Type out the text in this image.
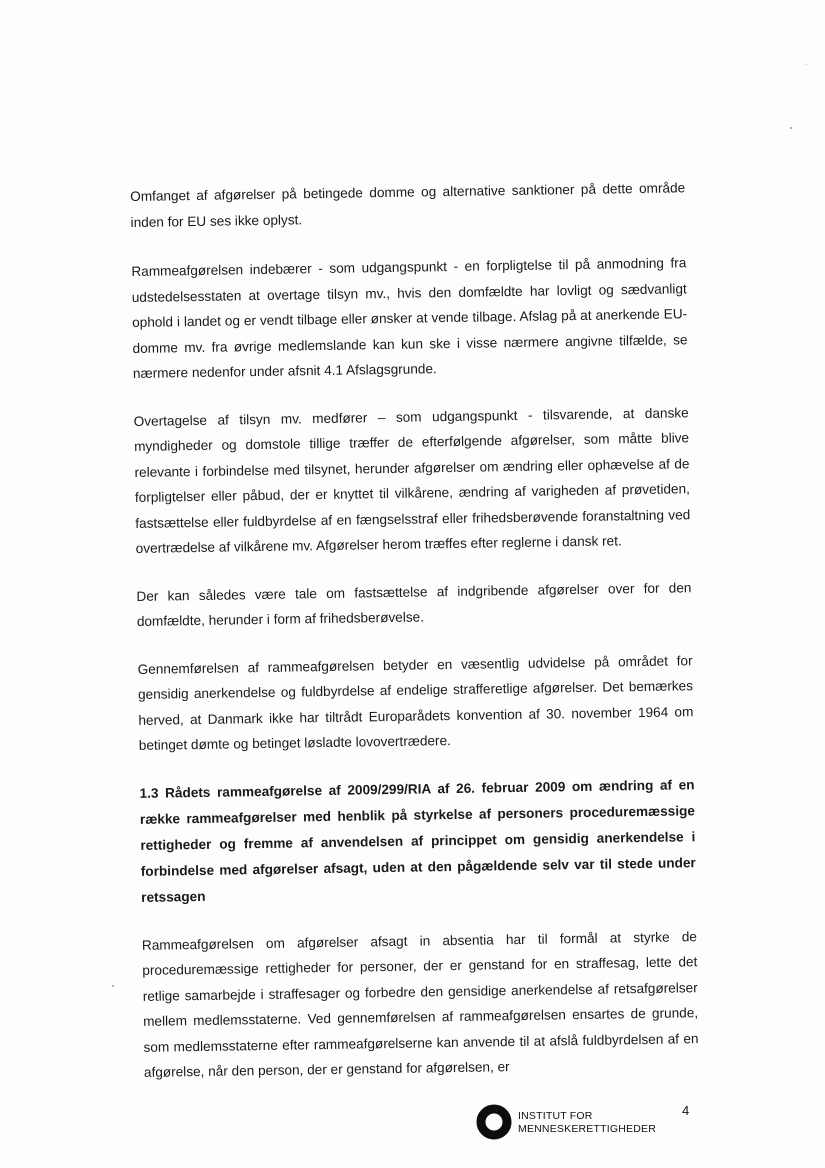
Omfanget af afgørelser på betingede domme og alternative sanktioner på dette område inden for EU ses ikke oplyst.

Rammeafgørelsen indebærer - som udgangspunkt - en forpligtelse til på anmodning fra udstedelsesstaten at overtage tilsyn mv., hvis den domfældte har lovligt og sædvanligt ophold i landet og er vendt tilbage eller ønsker at vende tilbage. Afslag på at anerkende EU-domme mv. fra øvrige medlemslande kan kun ske i visse nærmere angivne tilfælde, se nærmere nedenfor under afsnit 4.1 Afslagsgrunde.

Overtagelse af tilsyn mv. medfører – som udgangspunkt - tilsvarende, at danske myndigheder og domstole tillige træffer de efterfølgende afgørelser, som måtte blive relevante i forbindelse med tilsynet, herunder afgørelser om ændring eller ophævelse af de forpligtelser eller påbud, der er knyttet til vilkårene, ændring af varigheden af prøvetiden, fastsættelse eller fuldbyrdelse af en fængselsstraf eller frihedsberøvende foranstaltning ved overtrædelse af vilkårene mv. Afgørelser herom træffes efter reglerne i dansk ret.

Der kan således være tale om fastsættelse af indgribende afgørelser over for den domfældte, herunder i form af frihedsberøvelse.

Gennemførelsen af rammeafgørelsen betyder en væsentlig udvidelse på området for gensidig anerkendelse og fuldbyrdelse af endelige strafferetlige afgørelser. Det bemærkes herved, at Danmark ikke har tiltrådt Europarådets konvention af 30. november 1964 om betinget dømte og betinget løsladte lovovertrædere.

1.3 Rådets rammeafgørelse af 2009/299/RIA af 26. februar 2009 om ændring af en række rammeafgørelser med henblik på styrkelse af personers proceduremæssige rettigheder og fremme af anvendelsen af princippet om gensidig anerkendelse i forbindelse med afgørelser afsagt, uden at den pågældende selv var til stede under retssagen

Rammeafgørelsen om afgørelser afsagt in absentia har til formål at styrke de proceduremæssige rettigheder for personer, der er genstand for en straffesag, lette det retlige samarbejde i straffesager og forbedre den gensidige anerkendelse af retsafgørelser mellem medlemsstaterne. Ved gennemførelsen af rammeafgørelsen ensartes de grunde, som medlemsstaterne efter rammeafgørelserne kan anvende til at afslå fuldbyrdelsen af en afgørelse, når den person, der er genstand for afgørelsen, er

INSTITUT FOR
MENNESKERETTIGHEDER
4
